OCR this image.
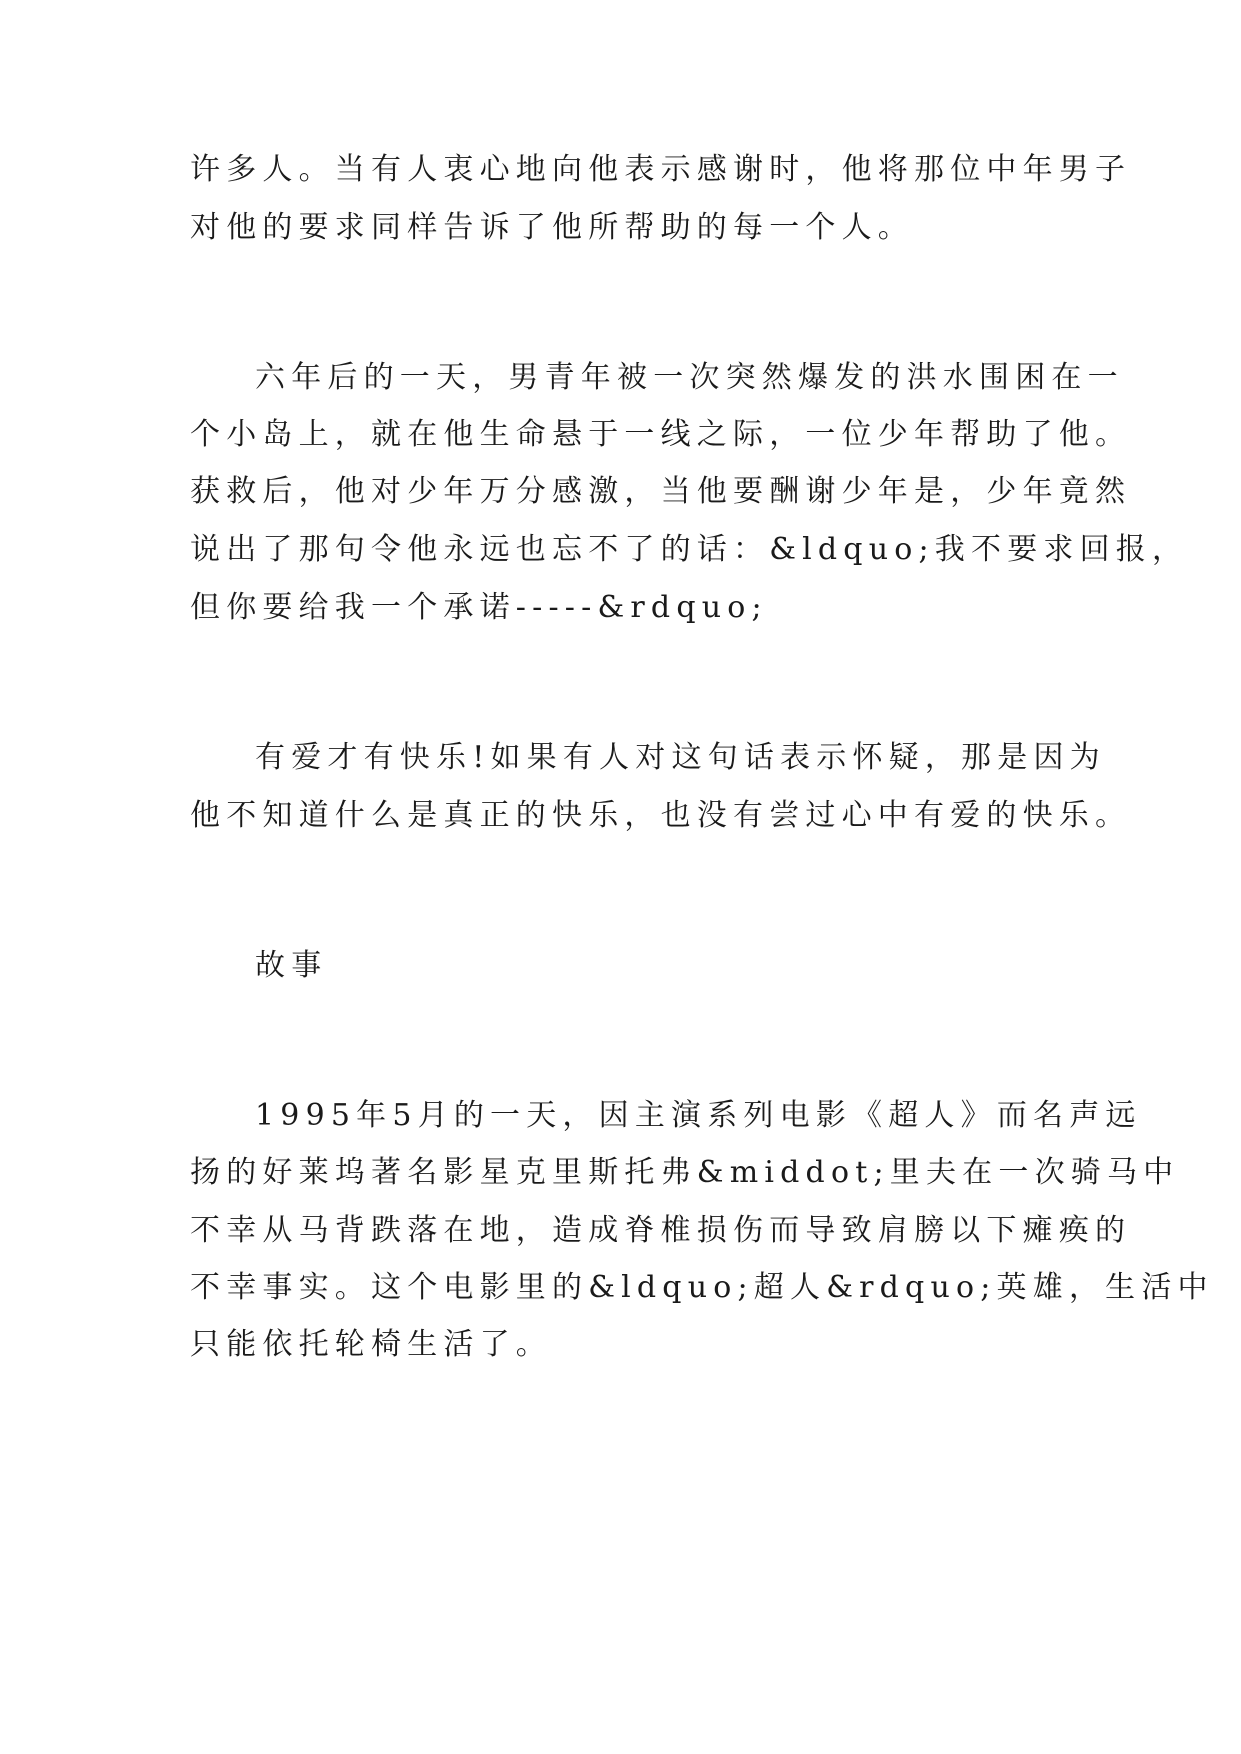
许多人。当有人衷心地向他表示感谢时，他将那位中年男子
对他的要求同样告诉了他所帮助的每一个人。
六年后的一天，男青年被一次突然爆发的洪水围困在一
个小岛上，就在他生命悬于一线之际，一位少年帮助了他。
获救后，他对少年万分感激，当他要酬谢少年是，少年竟然
说出了那句令他永远也忘不了的话：&ldquo;我不要求回报，
但你要给我一个承诺-----&rdquo;
有爱才有快乐!如果有人对这句话表示怀疑，那是因为
他不知道什么是真正的快乐，也没有尝过心中有爱的快乐。
故事
1995年5月的一天，因主演系列电影《超人》而名声远
扬的好莱坞著名影星克里斯托弗&middot;里夫在一次骑马中
不幸从马背跌落在地，造成脊椎损伤而导致肩膀以下瘫痪的
不幸事实。这个电影里的&ldquo;超人&rdquo;英雄，生活中
只能依托轮椅生活了。
